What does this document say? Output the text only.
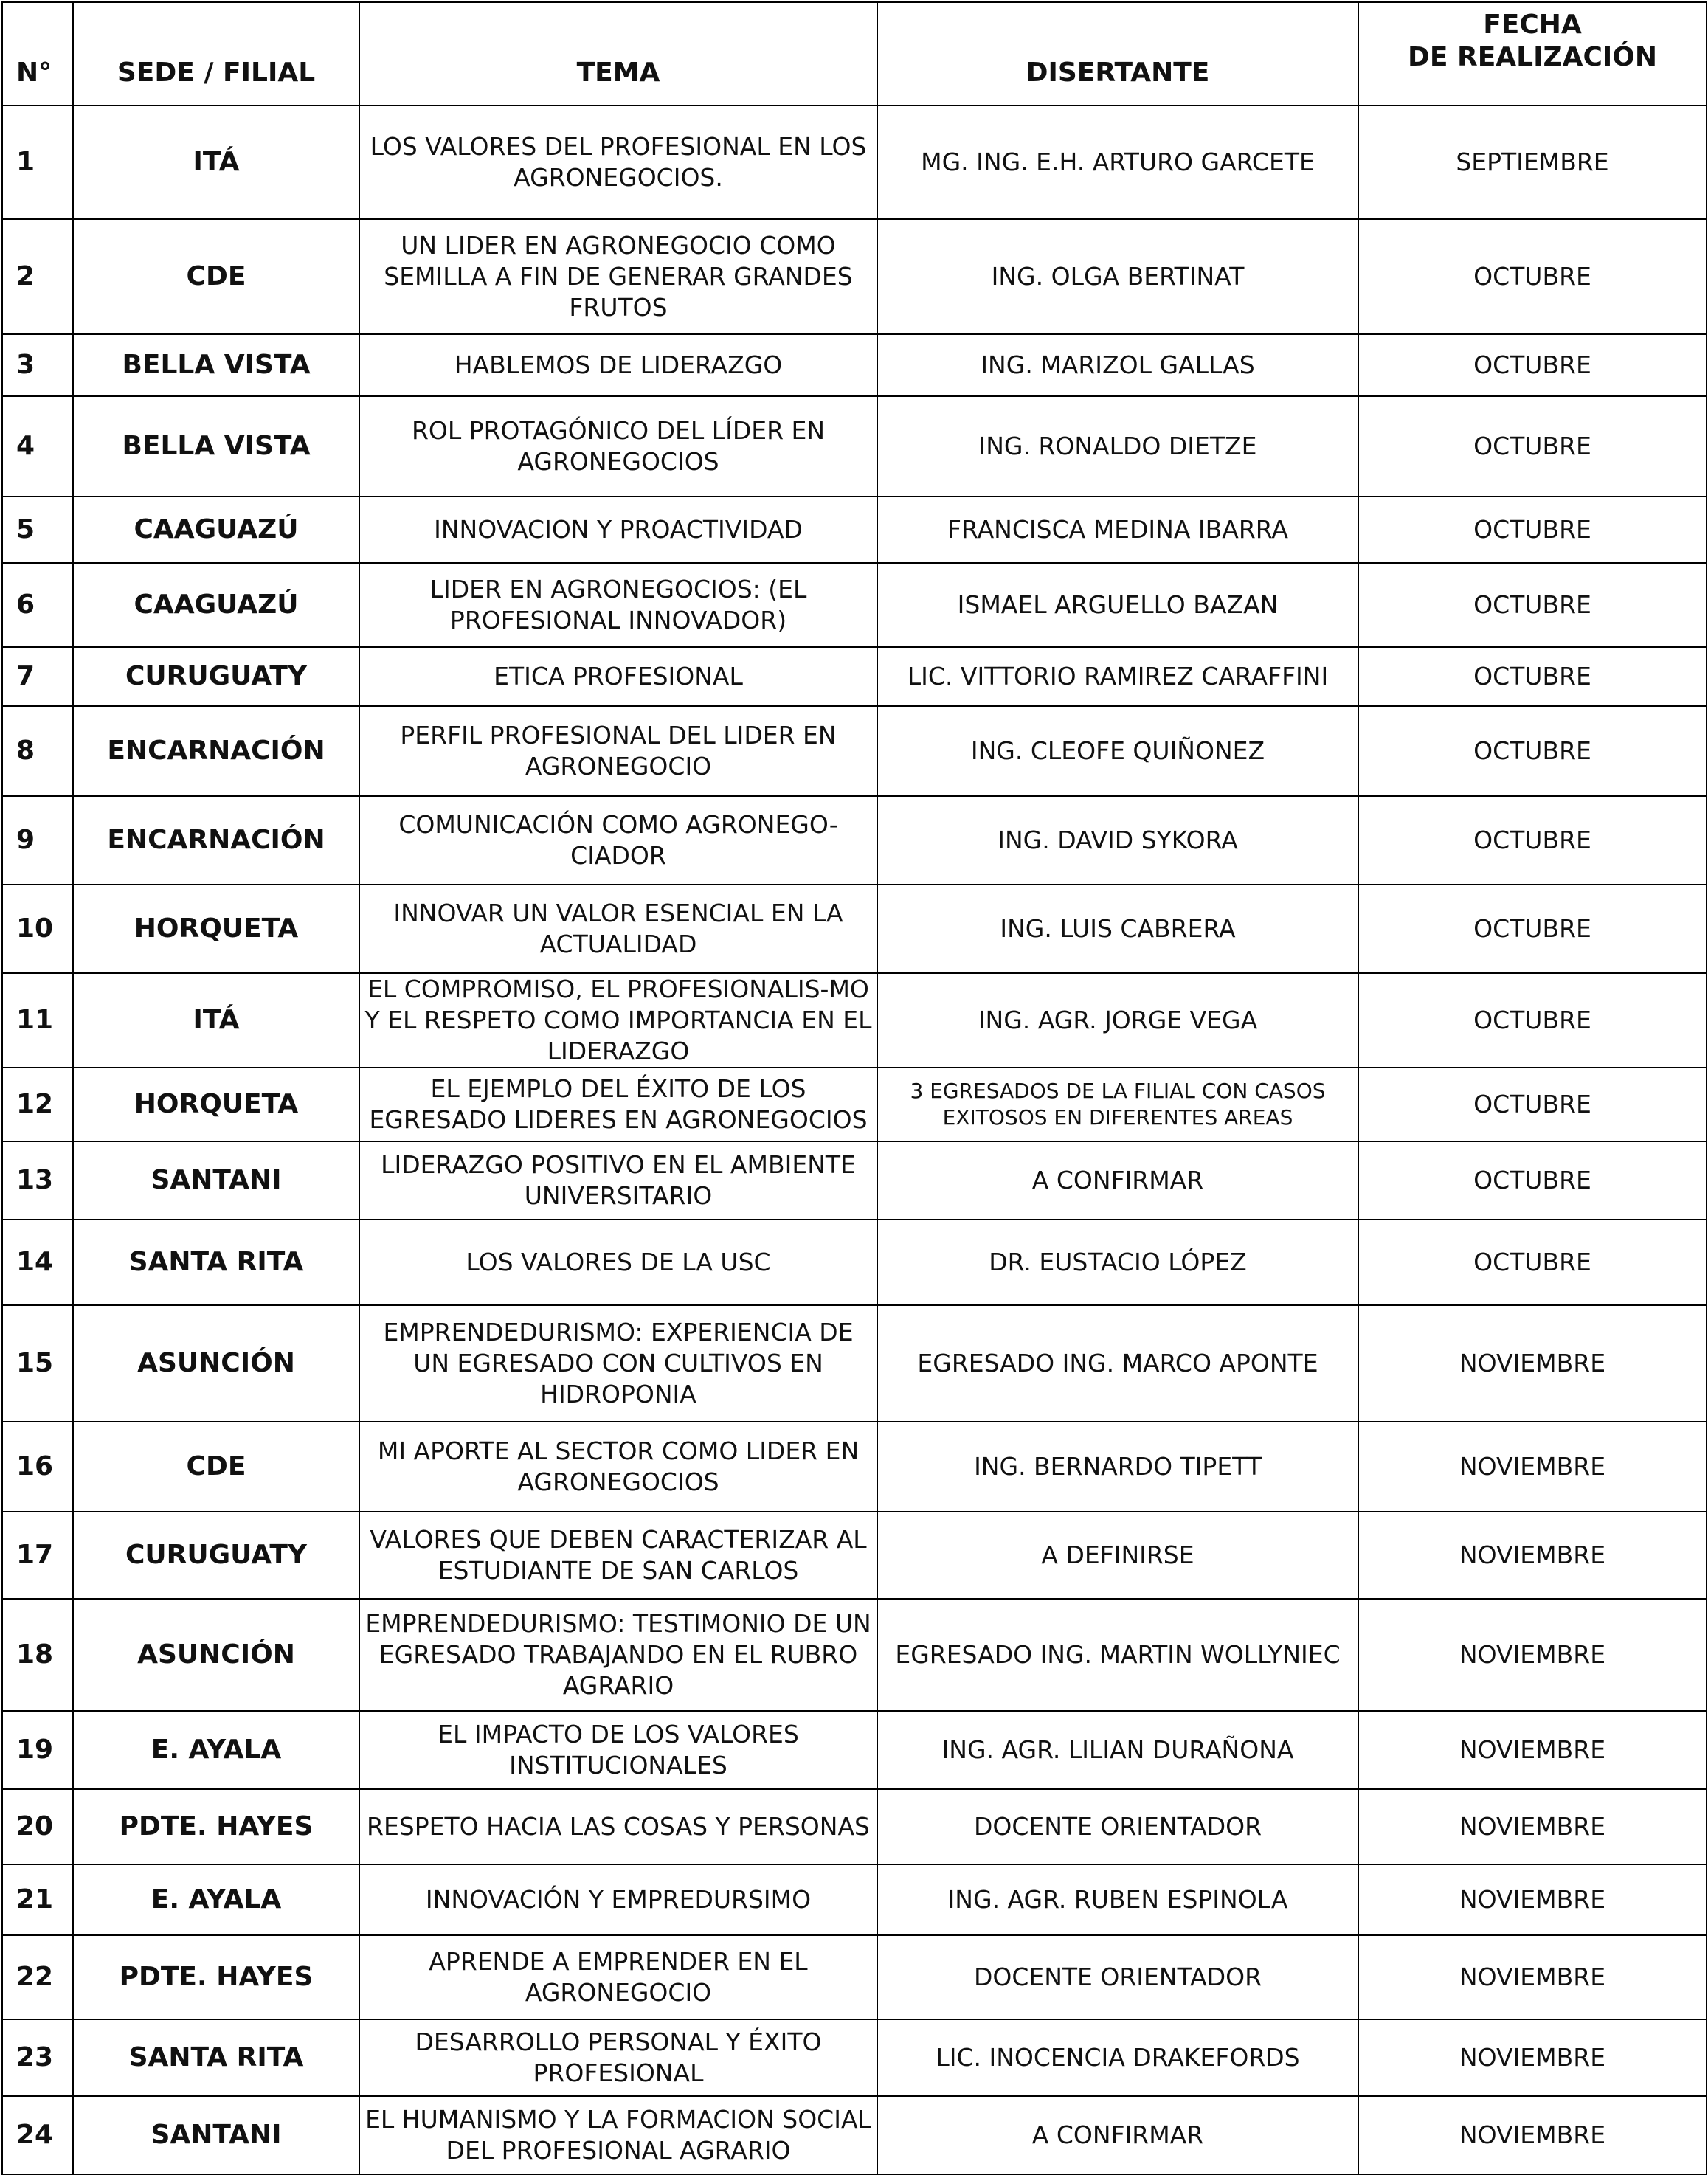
N°	SEDE / FILIAL	TEMA	DISERTANTE	FECHA
DE REALIZACIÓN

1	ITÁ	LOS VALORES DEL PROFESIONAL EN LOS AGRONEGOCIOS.	MG. ING. E.H. ARTURO GARCETE	SEPTIEMBRE
2	CDE	UN LIDER EN AGRONEGOCIO COMO SEMILLA A FIN DE GENERAR GRANDES FRUTOS	ING. OLGA BERTINAT	OCTUBRE
3	BELLA VISTA	HABLEMOS DE LIDERAZGO	ING. MARIZOL GALLAS	OCTUBRE
4	BELLA VISTA	ROL PROTAGÓNICO DEL LÍDER EN AGRONEGOCIOS	ING. RONALDO DIETZE	OCTUBRE
5	CAAGUAZÚ	INNOVACION Y PROACTIVIDAD	FRANCISCA MEDINA IBARRA	OCTUBRE
6	CAAGUAZÚ	LIDER EN AGRONEGOCIOS: (EL PROFESIONAL INNOVADOR)	ISMAEL ARGUELLO BAZAN	OCTUBRE
7	CURUGUATY	ETICA PROFESIONAL	LIC. VITTORIO RAMIREZ CARAFFINI	OCTUBRE
8	ENCARNACIÓN	PERFIL PROFESIONAL DEL LIDER EN AGRONEGOCIO	ING. CLEOFE QUIÑONEZ	OCTUBRE
9	ENCARNACIÓN	COMUNICACIÓN COMO AGRONEGO-CIADOR	ING. DAVID SYKORA	OCTUBRE
10	HORQUETA	INNOVAR UN VALOR ESENCIAL EN LA ACTUALIDAD	ING. LUIS CABRERA	OCTUBRE
11	ITÁ	EL COMPROMISO, EL PROFESIONALIS-MO Y EL RESPETO COMO IMPORTANCIA EN EL LIDERAZGO	ING. AGR. JORGE VEGA	OCTUBRE
12	HORQUETA	EL EJEMPLO DEL ÉXITO DE LOS EGRESADO LIDERES EN AGRONEGOCIOS	3 EGRESADOS DE LA FILIAL CON CASOS EXITOSOS EN DIFERENTES AREAS	OCTUBRE
13	SANTANI	LIDERAZGO POSITIVO EN EL AMBIENTE UNIVERSITARIO	A CONFIRMAR	OCTUBRE
14	SANTA RITA	LOS VALORES DE LA USC	DR. EUSTACIO LÓPEZ	OCTUBRE
15	ASUNCIÓN	EMPRENDEDURISMO: EXPERIENCIA DE UN EGRESADO CON CULTIVOS EN HIDROPONIA	EGRESADO ING. MARCO APONTE	NOVIEMBRE
16	CDE	MI APORTE AL SECTOR COMO LIDER EN AGRONEGOCIOS	ING. BERNARDO TIPETT	NOVIEMBRE
17	CURUGUATY	VALORES QUE DEBEN CARACTERIZAR AL ESTUDIANTE DE SAN CARLOS	A DEFINIRSE	NOVIEMBRE
18	ASUNCIÓN	EMPRENDEDURISMO: TESTIMONIO DE UN EGRESADO TRABAJANDO EN EL RUBRO AGRARIO	EGRESADO ING. MARTIN WOLLYNIEC	NOVIEMBRE
19	E. AYALA	EL IMPACTO DE LOS VALORES INSTITUCIONALES	ING. AGR. LILIAN DURAÑONA	NOVIEMBRE
20	PDTE. HAYES	RESPETO HACIA LAS COSAS Y PERSONAS	DOCENTE ORIENTADOR	NOVIEMBRE
21	E. AYALA	INNOVACIÓN Y EMPREDURSIMO	ING. AGR. RUBEN ESPINOLA	NOVIEMBRE
22	PDTE. HAYES	APRENDE A EMPRENDER EN EL AGRONEGOCIO	DOCENTE ORIENTADOR	NOVIEMBRE
23	SANTA RITA	DESARROLLO PERSONAL Y ÉXITO PROFESIONAL	LIC. INOCENCIA DRAKEFORDS	NOVIEMBRE
24	SANTANI	EL HUMANISMO Y LA FORMACION SOCIAL DEL PROFESIONAL AGRARIO	A CONFIRMAR	NOVIEMBRE
